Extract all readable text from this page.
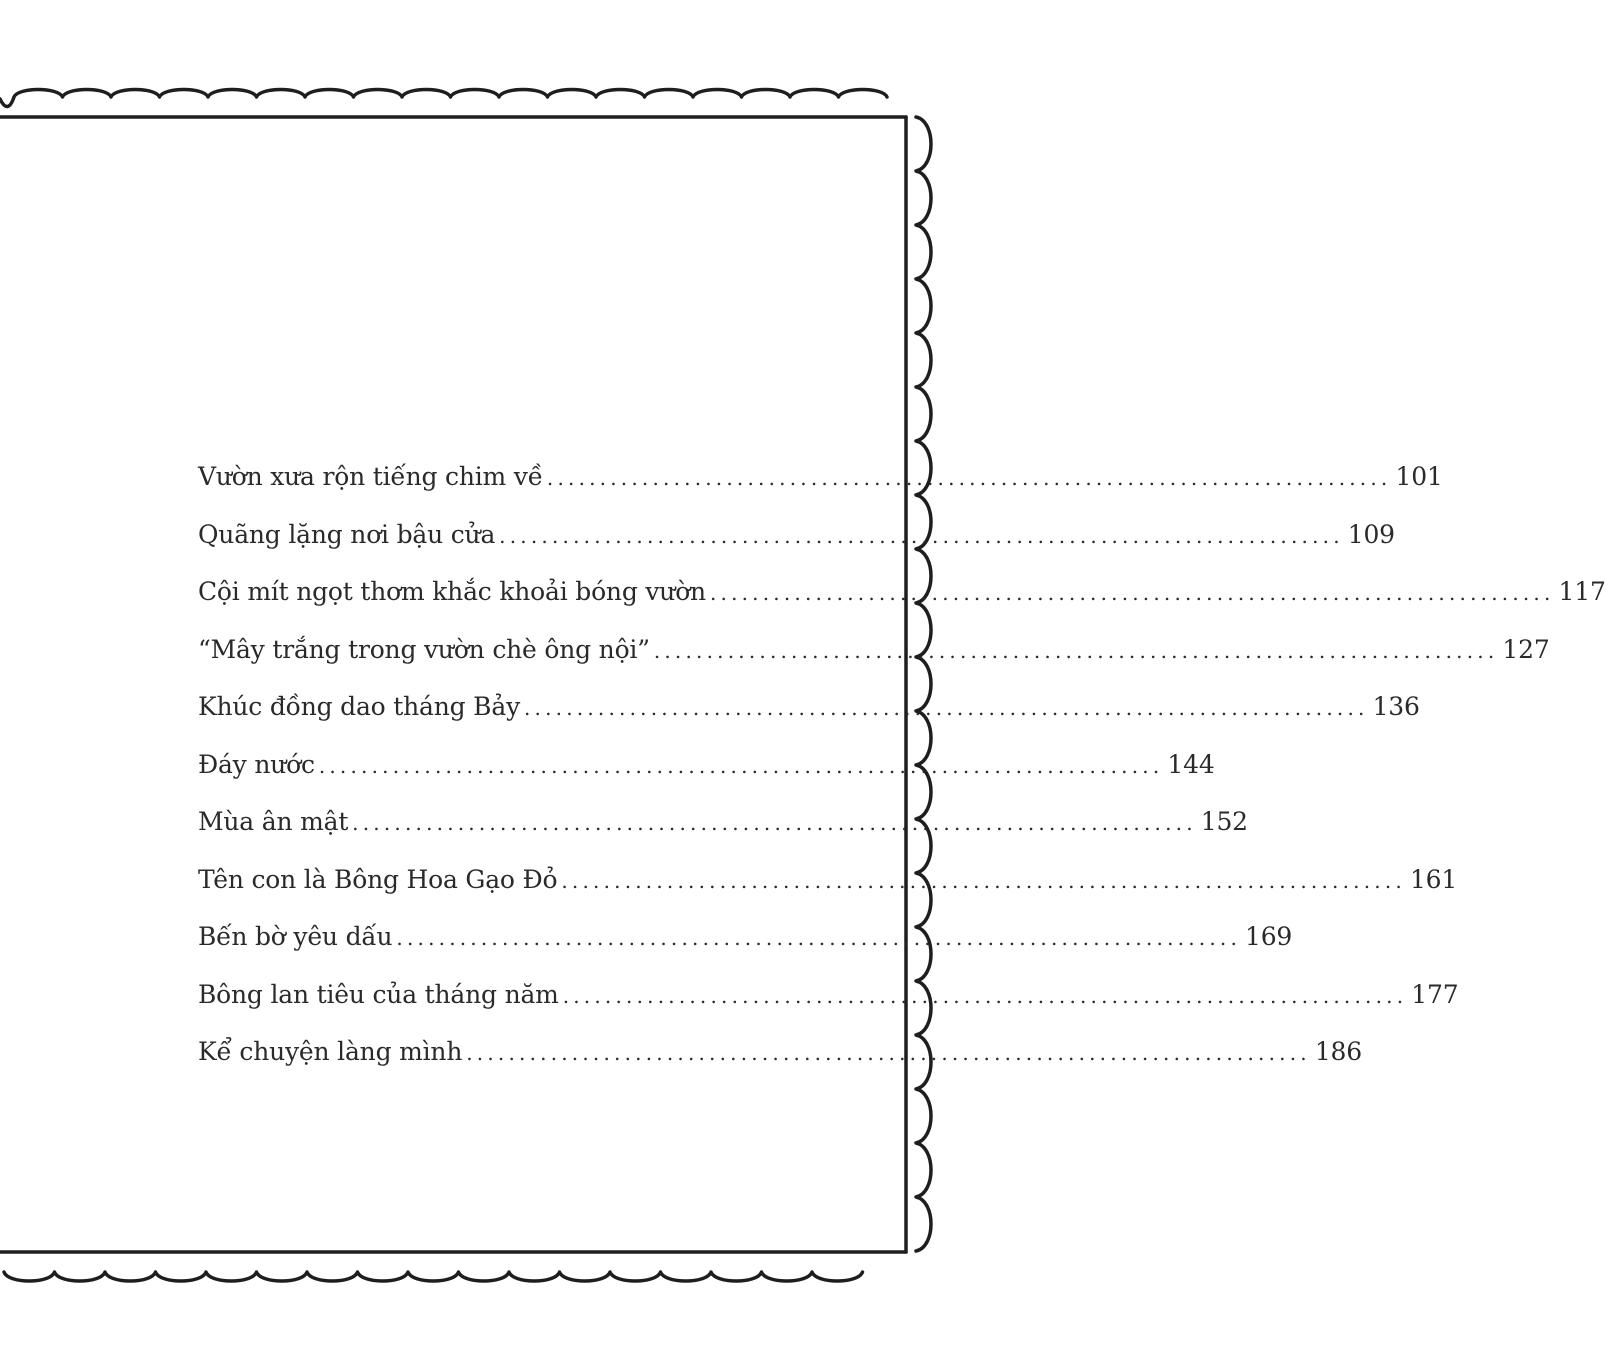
Vườn xưa rộn tiếng chim về ................................................................................ 101
Quãng lặng nơi bậu cửa ................................................................................ 109
Cội mít ngọt thơm khắc khoải bóng vườn ................................................................................ 117
“Mây trắng trong vườn chè ông nội” ................................................................................ 127
Khúc đồng dao tháng Bảy ................................................................................ 136
Đáy nước ................................................................................ 144
Mùa ân mật ................................................................................ 152
Tên con là Bông Hoa Gạo Đỏ ................................................................................ 161
Bến bờ yêu dấu ................................................................................ 169
Bông lan tiêu của tháng năm ................................................................................ 177
Kể chuyện làng mình ................................................................................ 186
